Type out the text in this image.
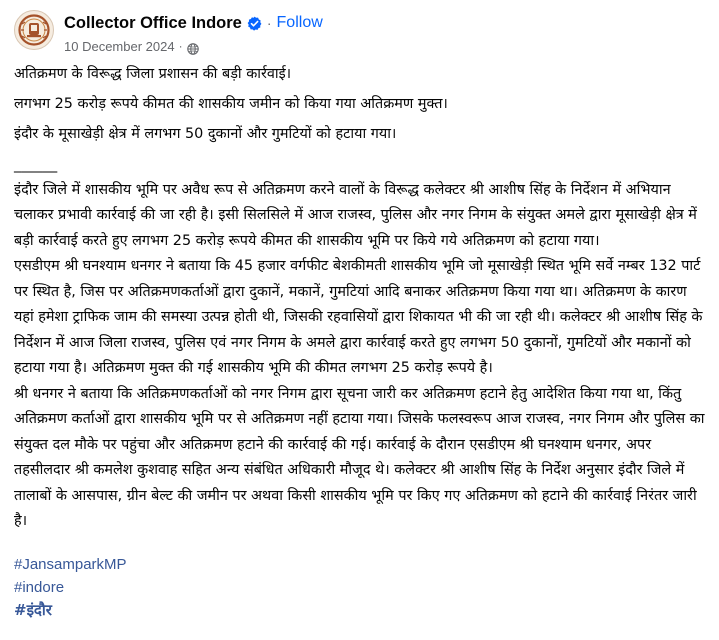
Collector Office Indore · Follow
10 December 2024 ·

अतिक्रमण के विरूद्ध जिला प्रशासन की बड़ी कार्रवाई।

लगभग 25 करोड़ रूपये कीमत की शासकीय जमीन को किया गया अतिक्रमण मुक्त।

इंदौर के मूसाखेड़ी क्षेत्र में लगभग 50 दुकानों और गुमटियों को हटाया गया।

______

इंदौर जिले में शासकीय भूमि पर अवैध रूप से अतिक्रमण करने वालों के विरूद्ध कलेक्टर श्री आशीष सिंह के निर्देशन में अभियान चलाकर प्रभावी कार्रवाई की जा रही है। इसी सिलसिले में आज राजस्व, पुलिस और नगर निगम के संयुक्त अमले द्वारा मूसाखेड़ी क्षेत्र में बड़ी कार्रवाई करते हुए लगभग 25 करोड़ रूपये कीमत की शासकीय भूमि पर किये गये अतिक्रमण को हटाया गया।

एसडीएम श्री घनश्याम धनगर ने बताया कि 45 हजार वर्गफीट बेशकीमती शासकीय भूमि जो मूसाखेड़ी स्थित भूमि सर्वे नम्बर 132 पार्ट पर स्थित है, जिस पर अतिक्रमणकर्ताओं द्वारा दुकानें, मकानें, गुमटियां आदि बनाकर अतिक्रमण किया गया था। अतिक्रमण के कारण यहां हमेशा ट्राफिक जाम की समस्या उत्पन्न होती थी, जिसकी रहवासियों द्वारा शिकायत भी की जा रही थी। कलेक्टर श्री आशीष सिंह के निर्देशन में आज जिला राजस्व, पुलिस एवं नगर निगम के अमले द्वारा कार्रवाई करते हुए लगभग 50 दुकानों, गुमटियों और मकानों को हटाया गया है। अतिक्रमण मुक्त की गई शासकीय भूमि की कीमत लगभग 25 करोड़ रूपये है।

श्री धनगर ने बताया कि अतिक्रमणकर्ताओं को नगर निगम द्वारा सूचना जारी कर अतिक्रमण हटाने हेतु आदेशित किया गया था, किंतु अतिक्रमण कर्ताओं द्वारा शासकीय भूमि पर से अतिक्रमण नहीं हटाया गया। जिसके फलस्वरूप आज राजस्व, नगर निगम और पुलिस का संयुक्त दल मौके पर पहुंचा और अतिक्रमण हटाने की कार्रवाई की गई। कार्रवाई के दौरान एसडीएम श्री घनश्याम धनगर, अपर तहसीलदार श्री कमलेश कुशवाह सहित अन्य संबंधित अधिकारी मौजूद थे। कलेक्टर श्री आशीष सिंह के निर्देश अनुसार इंदौर जिले में तालाबों के आसपास, ग्रीन बेल्ट की जमीन पर अथवा किसी शासकीय भूमि पर किए गए अतिक्रमण को हटाने की कार्रवाई निरंतर जारी है।

#JansamparkMP
#indore
#इंदौर
